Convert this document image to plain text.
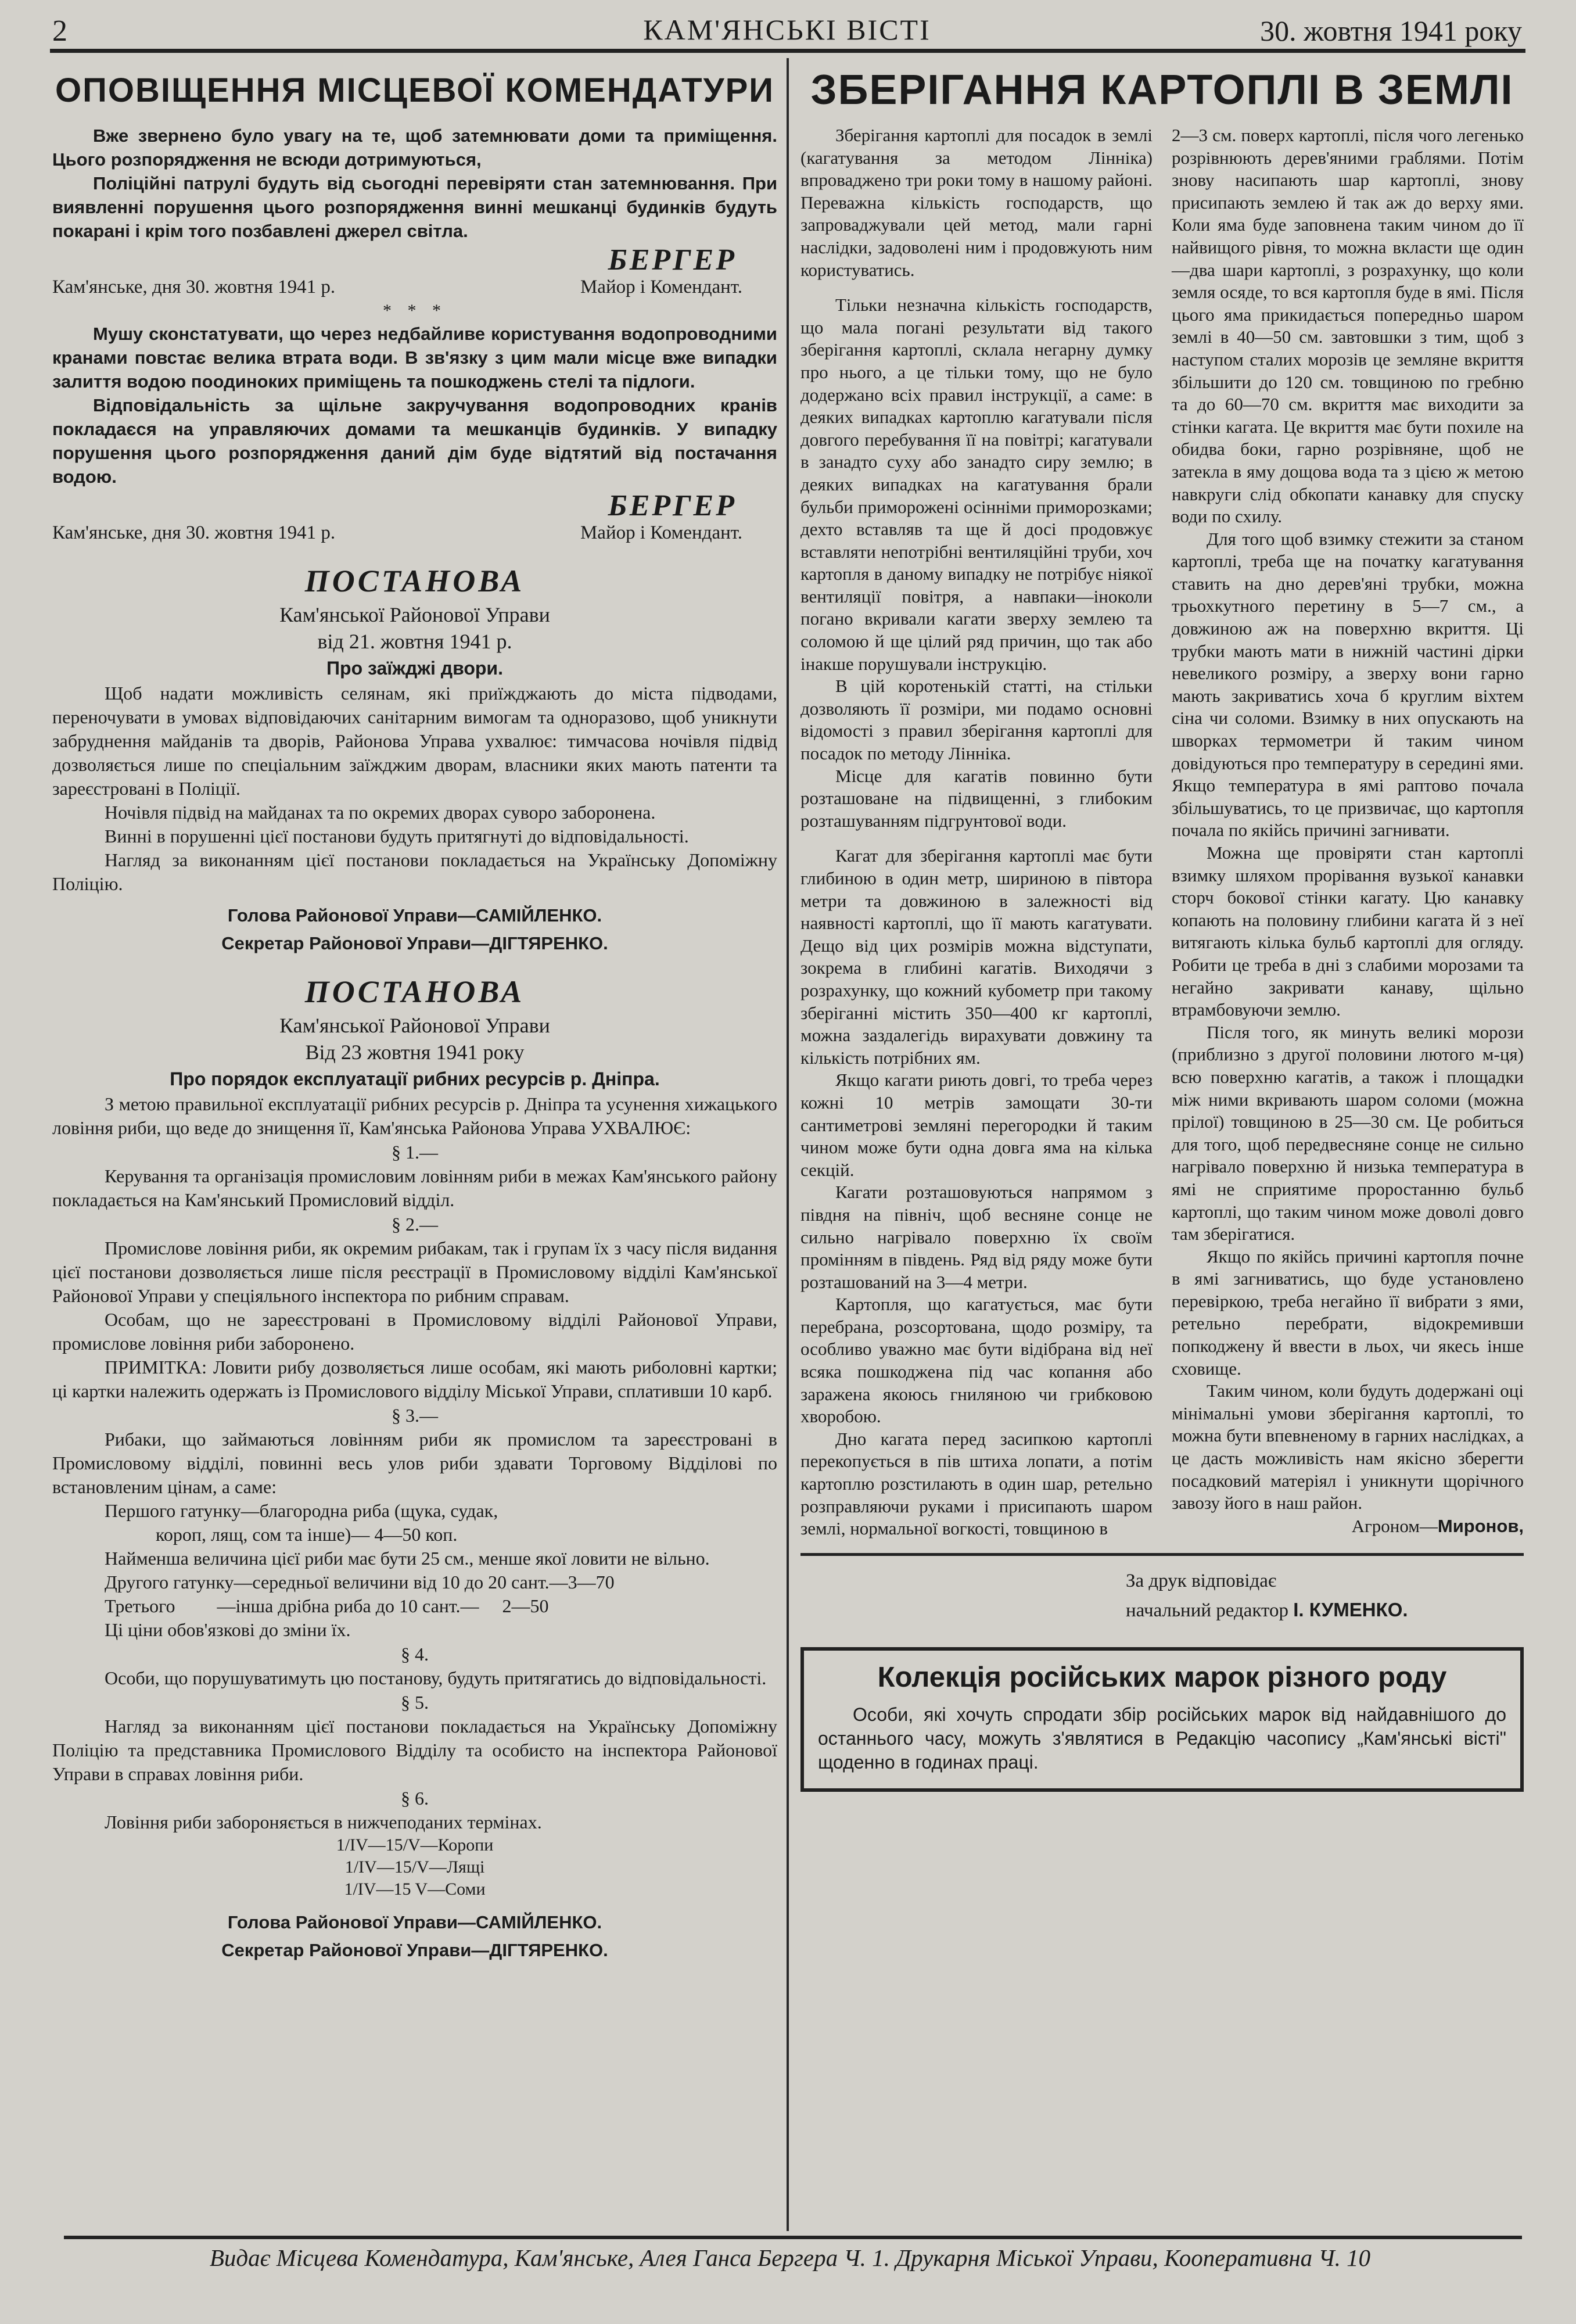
2	КАМ'ЯНСЬКІ ВІСТІ	30. жовтня 1941 року
ОПОВІЩЕННЯ МІСЦЕВОЇ КОМЕНДАТУРИ

Вже звернено було увагу на те, щоб затемнювати доми та приміщення. Цього розпорядження не всюди дотримуються,

Поліційні патрулі будуть від сьогодні перевіряти стан затемнювання. При виявленні порушення цього розпорядження винні мешканці будинків будуть покарані і крім того позбавлені джерел світла.

БЕРГЕР
Кам'янське, дня 30. жовтня 1941 р.	Майор і Комендант.
* * *

Мушу сконстатувати, що через недбайливе користування водопроводними кранами повстає велика втрата води. В зв'язку з цим мали місце вже випадки залиття водою поодиноких приміщень та пошкоджень стелі та підлоги.

Відповідальність за щільне закручування водопроводних кранів покладаєся на управляючих домами та мешканців будинків. У випадку порушення цього розпорядження даний дім буде відтятий від постачання водою.

БЕРГЕР
Кам'янське, дня 30. жовтня 1941 р.	Майор і Комендант.
ПОСТАНОВА
Кам'янської Районової Управи
від 21. жовтня 1941 р.
Про заїжджі двори.

Щоб надати можливість селянам, які приїжджають до міста підводами, переночувати в умовах відповідаючих санітарним вимогам та одноразово, щоб уникнути забруднення майданів та дворів, Районова Управа ухвалює: тимчасова ночівля підвід дозволяється лише по спеціальним заїжджим дворам, власники яких мають патенти та зареєстровані в Поліції.

Ночівля підвід на майданах та по окремих дворах суворо заборонена.

Винні в порушенні цієї постанови будуть притягнуті до відповідальності.

Нагляд за виконанням цієї постанови покладається на Українську Допоміжну Поліцію.

Голова Районової Управи—САМІЙЛЕНКО.
Секретар Районової Управи—ДІГТЯРЕНКО.
ПОСТАНОВА
Кам'янської Районової Управи
Від 23 жовтня 1941 року
Про порядок експлуатації рибних ресурсів р. Дніпра.

З метою правильної експлуатації рибних ресурсів р. Дніпра та усунення хижацького ловіння риби, що веде до знищення її, Кам'янська Районова Управа УХВАЛЮЄ:

§ 1.—

Керування та організація промисловим ловінням риби в межах Кам'янського району покладається на Кам'янський Промисловий відділ.

§ 2.—

Промислове ловіння риби, як окремим рибакам, так і групам їх з часу після видання цієї постанови дозволяється лише після реєстрації в Промисловому відділі Кам'янської Районової Управи у спеціяльного інспектора по рибним справам.

Особам, що не зареєстровані в Промисловому відділі Районової Управи, промислове ловіння риби заборонено.

ПРИМІТКА: Ловити рибу дозволяється лише особам, які мають риболовні картки; ці картки належить одержать із Промислового відділу Міської Управи, сплативши 10 карб.

§ 3.—

Рибаки, що займаються ловінням риби як промислом та зареєстровані в Промисловому відділі, повинні весь улов риби здавати Торговому Відділові по встановленим цінам, а саме:

Першого гатунку—благородна риба (щука, судак,
короп, лящ, сом та інше)— 4—50 коп.

Найменша величина цієї риби має бути 25 см., менше якої ловити не вільно.

Другого гатунку—середньої величини від 10 до 20 сант.—3—70
Третього         —інша дрібна риба до 10 сант.—     2—50
Ці ціни обов'язкові до зміни їх.
§ 4.

Особи, що порушуватимуть цю постанову, будуть притягатись до відповідальності.

§ 5.

Нагляд за виконанням цієї постанови покладається на Українську Допоміжну Поліцію та представника Промислового Відділу та особисто на інспектора Районової Управи в справах ловіння риби.

§ 6.

Ловіння риби забороняється в нижчеподаних термінах.

1/IV—15/V—Коропи
1/IV—15/V—Лящі
1/IV—15 V—Соми
Голова Районової Управи—САМІЙЛЕНКО.
Секретар Районової Управи—ДІГТЯРЕНКО.
ЗБЕРІГАННЯ КАРТОПЛІ В ЗЕМЛІ

Зберігання картоплі для посадок в землі (кагатування за методом Лінніка) впроваджено три роки тому в нашому районі. Переважна кількість господарств, що запроваджували цей метод, мали гарні наслідки, задоволені ним і продовжують ним користуватись.

Тільки незначна кількість господарств, що мала погані результати від такого зберігання картоплі, склала негарну думку про нього, а це тільки тому, що не було додержано всіх правил інструкції, а саме: в деяких випадках картоплю кагатували після довгого перебування її на повітрі; кагатували в занадто суху або занадто сиру землю; в деяких випадках на кагатування брали бульби приморожені осінніми приморозками; дехто вставляв та ще й досі продовжує вставляти непотрібні вентиляційні труби, хоч картопля в даному випадку не потрібує ніякої вентиляції повітря, а навпаки—іноколи погано вкривали кагати зверху землею та соломою й ще цілий ряд причин, що так або інакше порушували інструкцію.

В цій коротенькій статті, на стільки дозволяють її розміри, ми подамо основні відомості з правил зберігання картоплі для посадок по методу Лінніка.

Місце для кагатів повинно бути розташоване на підвищенні, з глибоким розташуванням підгрунтової води.

Кагат для зберігання картоплі має бути глибиною в один метр, шириною в півтора метри та довжиною в залежності від наявності картоплі, що її мають кагатувати. Дещо від цих розмірів можна відступати, зокрема в глибині кагатів. Виходячи з розрахунку, що кожний кубометр при такому зберіганні містить 350—400 кг картоплі, можна заздалегідь вирахувати довжину та кількість потрібних ям.

Якщо кагати риють довгі, то треба через кожні 10 метрів замощати 30-ти сантиметрові земляні перегородки й таким чином може бути одна довга яма на кілька секцій.

Кагати розташовуються напрямом з півдня на північ, щоб весняне сонце не сильно нагрівало поверхню їх своїм промінням в південь. Ряд від ряду може бути розташований на 3—4 метри.

Картопля, що кагатується, має бути перебрана, розсортована, щодо розміру, та особливо уважно має бути відібрана від неї всяка пошкоджена під час копання або заражена якоюсь гниляною чи грибковою хворобою.

Дно кагата перед засипкою картоплі перекопується в пів штиха лопати, а потім картоплю розстилають в один шар, ретельно розправляючи руками і присипають шаром землі, нормальної вогкості, товщиною в

2—3 см. поверх картоплі, після чого легенько розрівнюють дерев'яними граблями. Потім знову насипають шар картоплі, знову присипають землею й так аж до верху ями. Коли яма буде заповнена таким чином до її найвищого рівня, то можна вкласти ще один—два шари картоплі, з розрахунку, що коли земля осяде, то вся картопля буде в ямі. Після цього яма прикидається попередньо шаром землі в 40—50 см. завтовшки з тим, щоб з наступом сталих морозів це земляне вкриття збільшити до 120 см. товщиною по гребню та до 60—70 см. вкриття має виходити за стінки кагата. Це вкриття має бути похиле на обидва боки, гарно розрівняне, щоб не затекла в яму дощова вода та з цією ж метою навкруги слід обкопати канавку для спуску води по схилу.

Для того щоб взимку стежити за станом картоплі, треба ще на початку кагатування ставить на дно дерев'яні трубки, можна трьохкутного перетину в 5—7 см., а довжиною аж на поверхню вкриття. Ці трубки мають мати в нижній частині дірки невеликого розміру, а зверху вони гарно мають закриватись хоча б круглим віхтем сіна чи соломи. Взимку в них опускають на шворках термометри й таким чином довідуються про температуру в середині ями. Якщо температура в ямі раптово почала збільшуватись, то це призвичає, що картопля почала по якійсь причині загнивати.

Можна ще провіряти стан картоплі взимку шляхом прорівання вузької канавки сторч бокової стінки кагату. Цю канавку копають на половину глибини кагата й з неї витягають кілька бульб картоплі для огляду. Робити це треба в дні з слабими морозами та негайно закривати канаву, щільно втрамбовуючи землю.

Після того, як минуть великі морози (приблизно з другої половини лютого м-ця) всю поверхню кагатів, а також і площадки між ними вкривають шаром соломи (можна прілої) товщиною в 25—30 см. Це робиться для того, щоб передвесняне сонце не сильно нагрівало поверхню й низька температура в ямі не сприятиме проростанню бульб картоплі, що таким чином може доволі довго там зберігатися.

Якщо по якійсь причині картопля почне в ямі загниватись, що буде установлено перевіркою, треба негайно її вибрати з ями, ретельно перебрати, відокремивши попкоджену й ввести в льох, чи якесь інше сховище.

Таким чином, коли будуть додержані оці мінімальні умови зберігання картоплі, то можна бути впевненому в гарних наслідках, а це дасть можливість нам якісно зберегти посадковий матеріял і уникнути щорічного завозу його в наш район.

Агроном—Миронов,
За друк відповідає
начальний редактор І. КУМЕНКО.
Колекція російських марок різного роду
Особи, які хочуть спродати збір російських марок від найдавнішого до останнього часу, можуть з'являтися в Редакцію часопису „Кам'янські вісті" щоденно в годинах праці.
Видає Місцева Комендатура, Кам'янське, Алея Ганса Бергера Ч. 1. Друкарня Міської Управи, Кооперативна Ч. 10
